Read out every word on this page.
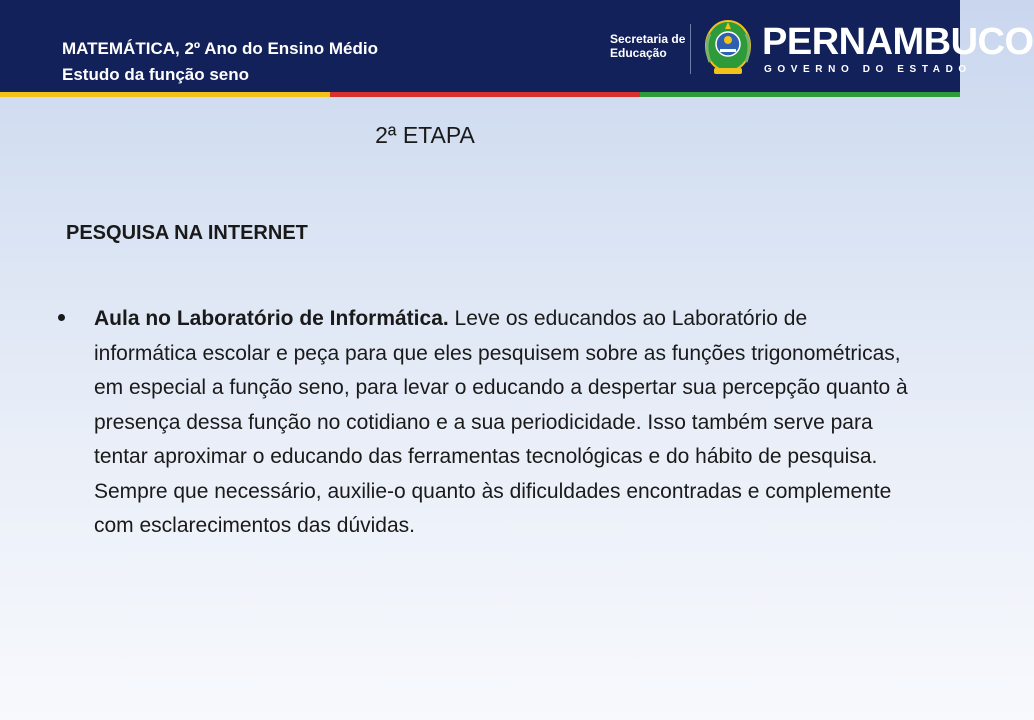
MATEMÁTICA, 2º Ano do Ensino Médio
Estudo da função seno
Secretaria de
Educação	PERNAMBUCO
GOVERNO DO ESTADO
2ª ETAPA
PESQUISA NA INTERNET
Aula no Laboratório de Informática. Leve os educandos ao Laboratório de informática escolar e peça para que eles pesquisem sobre as funções trigonométricas, em especial a função seno, para levar o educando a despertar sua percepção quanto à presença dessa função no cotidiano e a sua periodicidade. Isso também serve para tentar aproximar o educando das ferramentas tecnológicas e do hábito de pesquisa. Sempre que necessário, auxilie-o quanto às dificuldades encontradas e complemente com esclarecimentos das dúvidas.
